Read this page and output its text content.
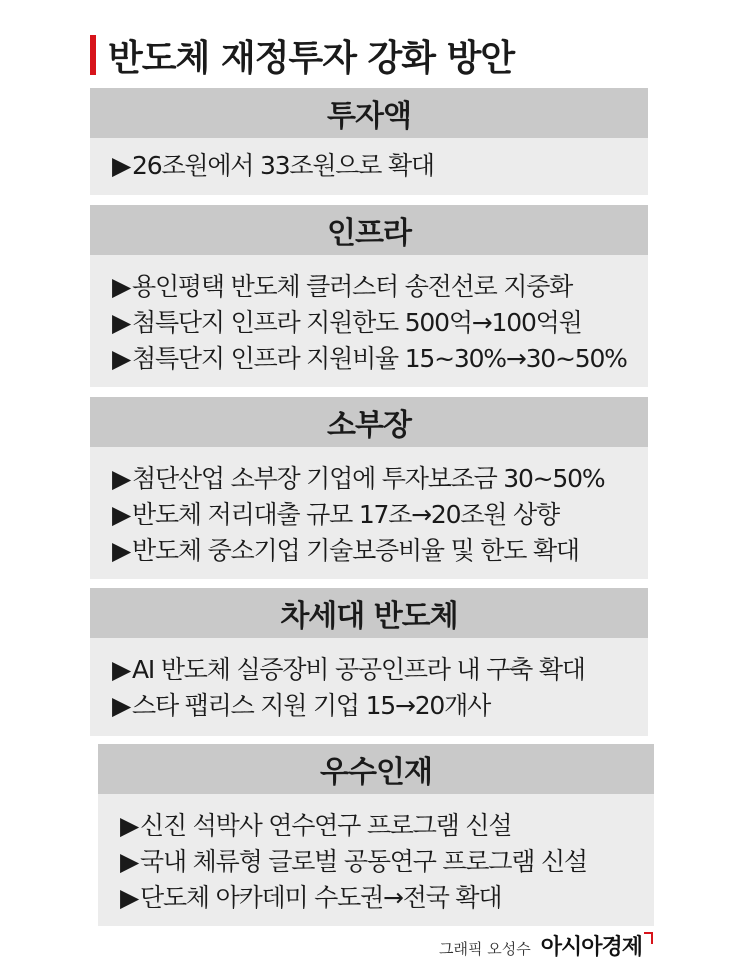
반도체 재정투자 강화 방안
투자액
▶ 26조원에서 33조원으로 확대
인프라
▶ 용인평택 반도체 클러스터 송전선로 지중화
▶ 첨특단지 인프라 지원한도 500억→100억원
▶ 첨특단지 인프라 지원비율 15~30%→30~50%
소부장
▶ 첨단산업 소부장 기업에 투자보조금 30~50%
▶ 반도체 저리대출 규모 17조→20조원 상향
▶ 반도체 중소기업 기술보증비율 및 한도 확대
차세대 반도체
▶ AI 반도체 실증장비 공공인프라 내 구축 확대
▶ 스타 팹리스 지원 기업 15→20개사
우수인재
▶ 신진 석박사 연수연구 프로그램 신설
▶ 국내 체류형 글로벌 공동연구 프로그램 신설
▶ 단도체 아카데미 수도권→전국 확대
그래픽 오성수 아시아경제
